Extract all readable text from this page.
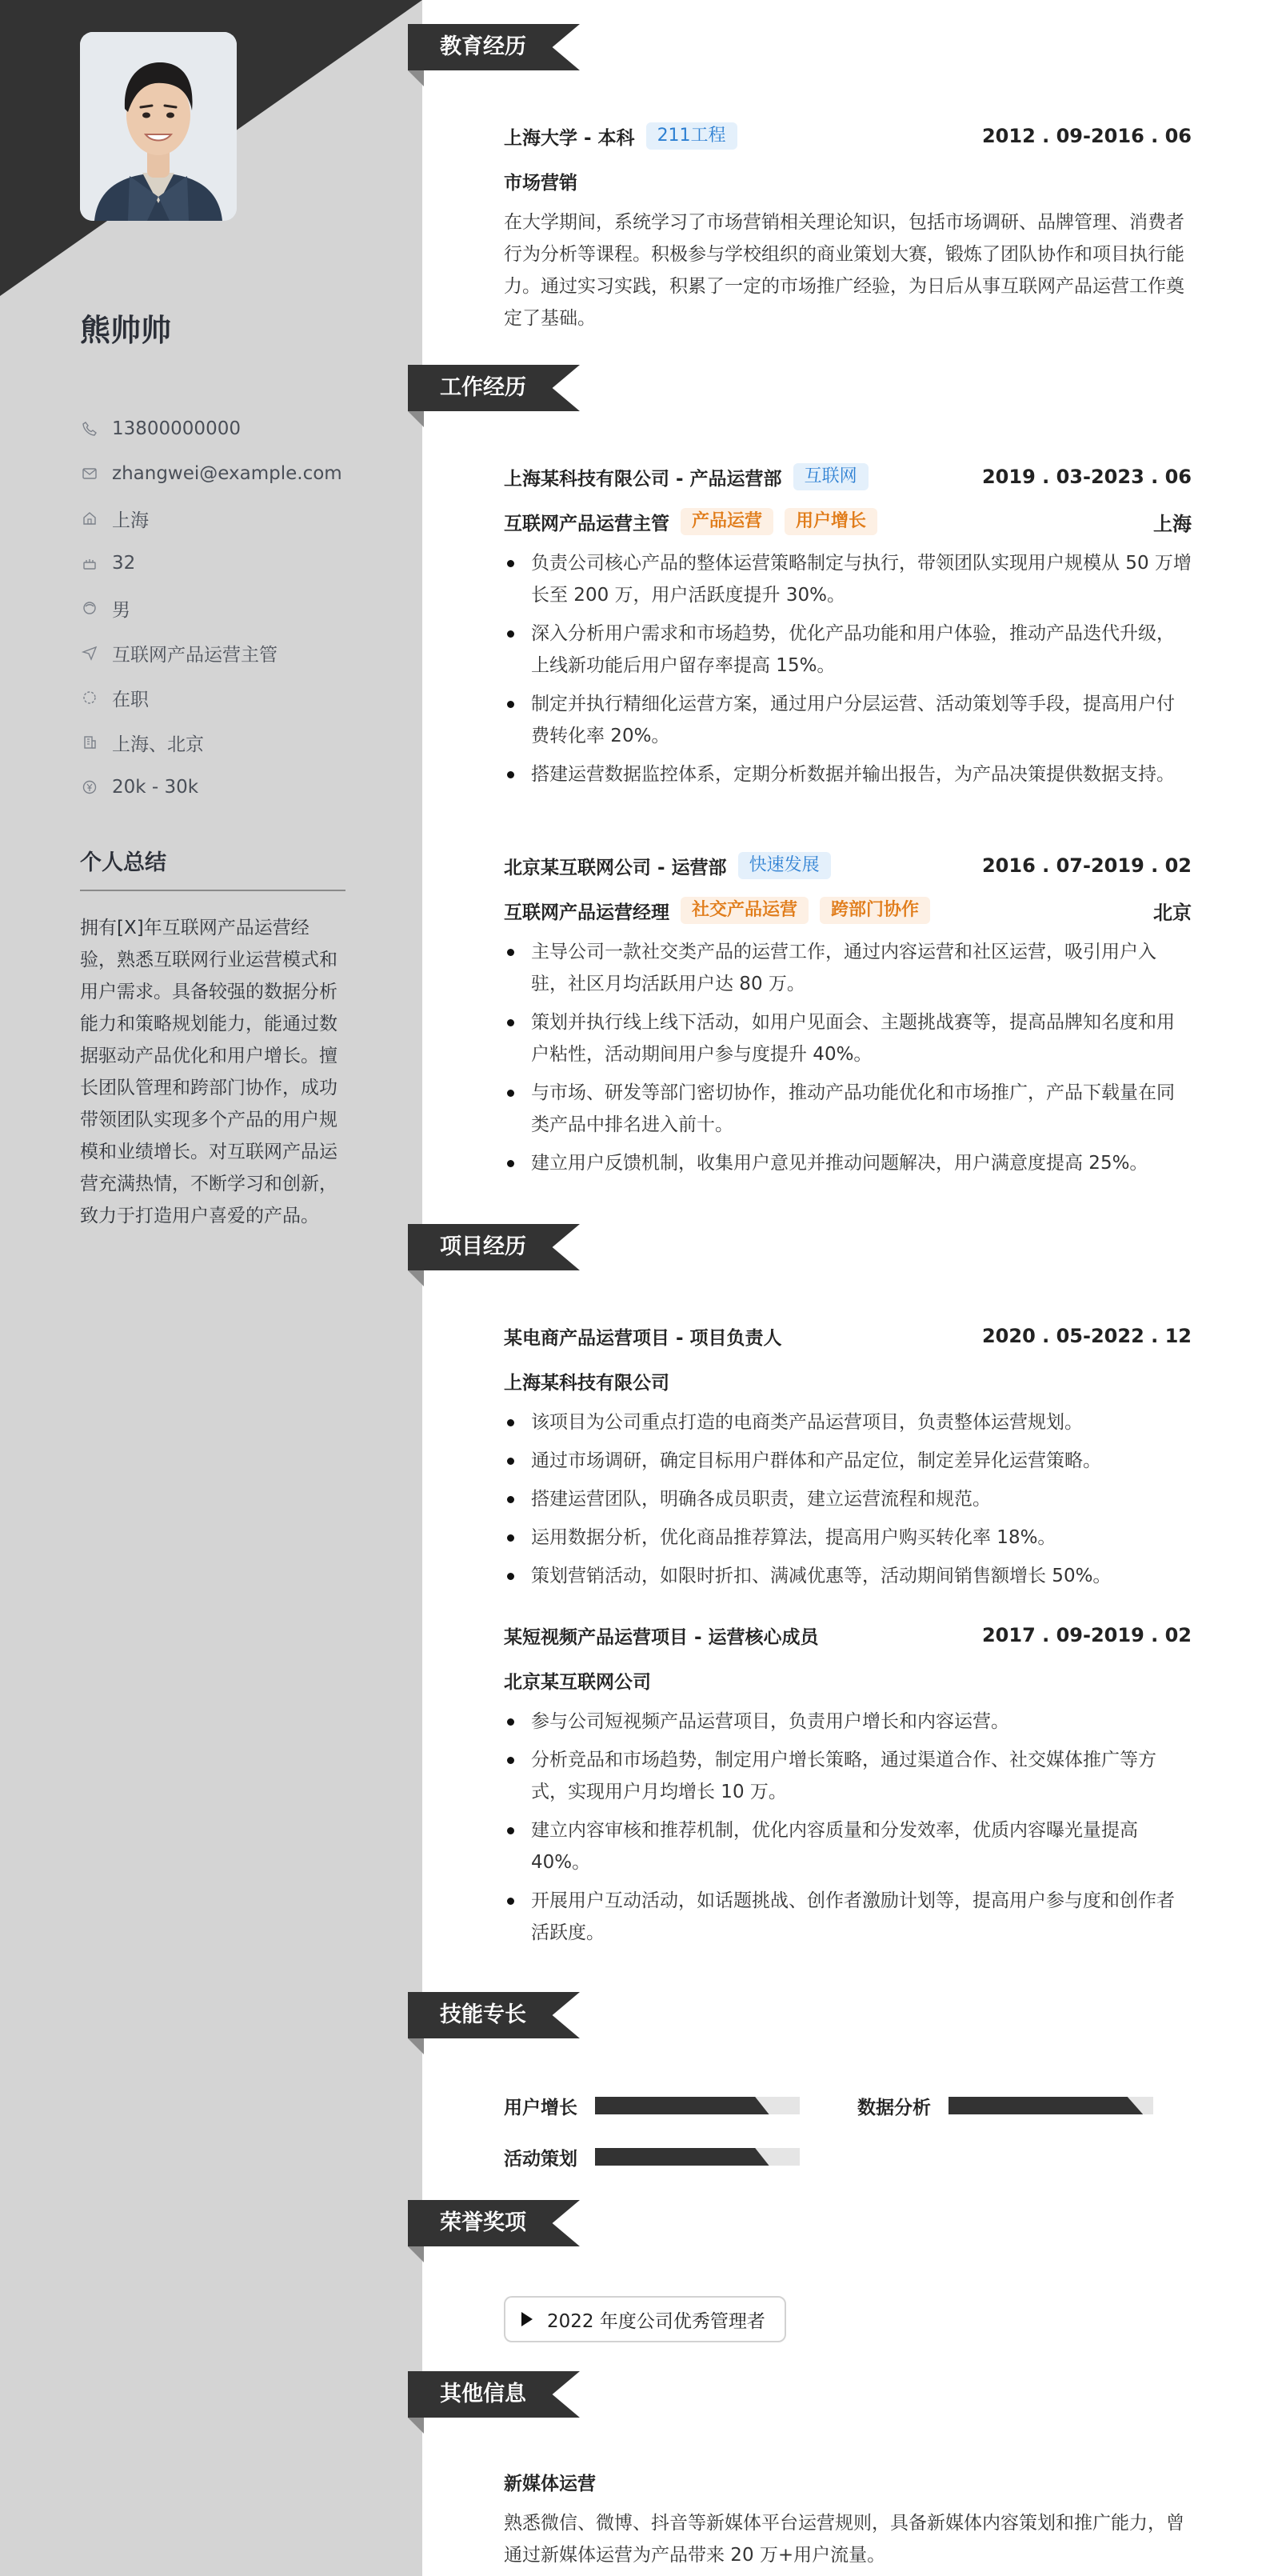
熊帅帅
13800000000
zhangwei@example.com
上海
32
男
互联网产品运营主管
在职
上海、北京
20k - 30k
个人总结
拥有[X]年互联网产品运营经验，熟悉互联网行业运营模式和用户需求。具备较强的数据分析能力和策略规划能力，能通过数据驱动产品优化和用户增长。擅长团队管理和跨部门协作，成功带领团队实现多个产品的用户规模和业绩增长。对互联网产品运营充满热情，不断学习和创新，致力于打造用户喜爱的产品。
教育经历
上海大学 - 本科	211工程	2012 . 09-2016 . 06
市场营销
在大学期间，系统学习了市场营销相关理论知识，包括市场调研、品牌管理、消费者行为分析等课程。积极参与学校组织的商业策划大赛，锻炼了团队协作和项目执行能力。通过实习实践，积累了一定的市场推广经验，为日后从事互联网产品运营工作奠定了基础。
工作经历
上海某科技有限公司 - 产品运营部	互联网	2019 . 03-2023 . 06
互联网产品运营主管	产品运营	用户增长	上海
负责公司核心产品的整体运营策略制定与执行，带领团队实现用户规模从 50 万增长至 200 万，用户活跃度提升 30%。
深入分析用户需求和市场趋势，优化产品功能和用户体验，推动产品迭代升级，上线新功能后用户留存率提高 15%。
制定并执行精细化运营方案，通过用户分层运营、活动策划等手段，提高用户付费转化率 20%。
搭建运营数据监控体系，定期分析数据并输出报告，为产品决策提供数据支持。
北京某互联网公司 - 运营部	快速发展	2016 . 07-2019 . 02
互联网产品运营经理	社交产品运营	跨部门协作	北京
主导公司一款社交类产品的运营工作，通过内容运营和社区运营，吸引用户入驻，社区月均活跃用户达 80 万。
策划并执行线上线下活动，如用户见面会、主题挑战赛等，提高品牌知名度和用户粘性，活动期间用户参与度提升 40%。
与市场、研发等部门密切协作，推动产品功能优化和市场推广，产品下载量在同类产品中排名进入前十。
建立用户反馈机制，收集用户意见并推动问题解决，用户满意度提高 25%。
项目经历
某电商产品运营项目 - 项目负责人	2020 . 05-2022 . 12
上海某科技有限公司
该项目为公司重点打造的电商类产品运营项目，负责整体运营规划。
通过市场调研，确定目标用户群体和产品定位，制定差异化运营策略。
搭建运营团队，明确各成员职责，建立运营流程和规范。
运用数据分析，优化商品推荐算法，提高用户购买转化率 18%。
策划营销活动，如限时折扣、满减优惠等，活动期间销售额增长 50%。
某短视频产品运营项目 - 运营核心成员	2017 . 09-2019 . 02
北京某互联网公司
参与公司短视频产品运营项目，负责用户增长和内容运营。
分析竞品和市场趋势，制定用户增长策略，通过渠道合作、社交媒体推广等方式，实现用户月均增长 10 万。
建立内容审核和推荐机制，优化内容质量和分发效率，优质内容曝光量提高 40%。
开展用户互动活动，如话题挑战、创作者激励计划等，提高用户参与度和创作者活跃度。
技能专长
用户增长	数据分析
活动策划
荣誉奖项
2022 年度公司优秀管理者
其他信息
新媒体运营
熟悉微信、微博、抖音等新媒体平台运营规则，具备新媒体内容策划和推广能力，曾通过新媒体运营为产品带来 20 万+用户流量。
